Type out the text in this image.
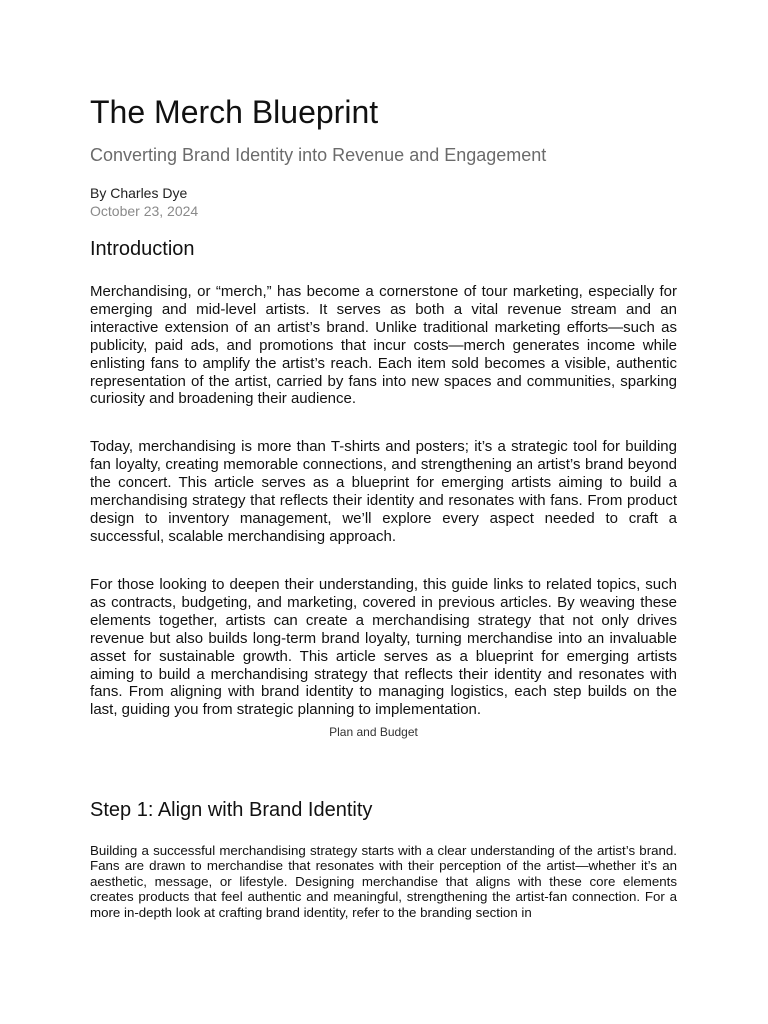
The Merch Blueprint
Converting Brand Identity into Revenue and Engagement

By Charles Dye

October 23, 2024

Introduction

Merchandising, or “merch,” has become a cornerstone of tour marketing, especially for emerging and mid-level artists. It serves as both a vital revenue stream and an interactive extension of an artist’s brand. Unlike traditional marketing efforts—such as publicity, paid ads, and promotions that incur costs—merch generates income while enlisting fans to amplify the artist’s reach. Each item sold becomes a visible, authentic representation of the artist, carried by fans into new spaces and communities, sparking curiosity and broadening their audience.

Today, merchandising is more than T-shirts and posters; it’s a strategic tool for building fan loyalty, creating memorable connections, and strengthening an artist’s brand beyond the concert. This article serves as a blueprint for emerging artists aiming to build a merchandising strategy that reflects their identity and resonates with fans. From product design to inventory management, we’ll explore every aspect needed to craft a successful, scalable merchandising approach.

For those looking to deepen their understanding, this guide links to related topics, such as contracts, budgeting, and marketing, covered in previous articles. By weaving these elements together, artists can create a merchandising strategy that not only drives revenue but also builds long-term brand loyalty, turning merchandise into an invaluable asset for sustainable growth. This article serves as a blueprint for emerging artists aiming to build a merchandising strategy that reflects their identity and resonates with fans. From aligning with brand identity to managing logistics, each step builds on the last, guiding you from strategic planning to implementation.

Plan and Budget

Step 1: Align with Brand Identity

Building a successful merchandising strategy starts with a clear understanding of the artist’s brand. Fans are drawn to merchandise that resonates with their perception of the artist—whether it’s an aesthetic, message, or lifestyle. Designing merchandise that aligns with these core elements creates products that feel authentic and meaningful, strengthening the artist-fan connection. For a more in-depth look at crafting brand identity, refer to the branding section in
